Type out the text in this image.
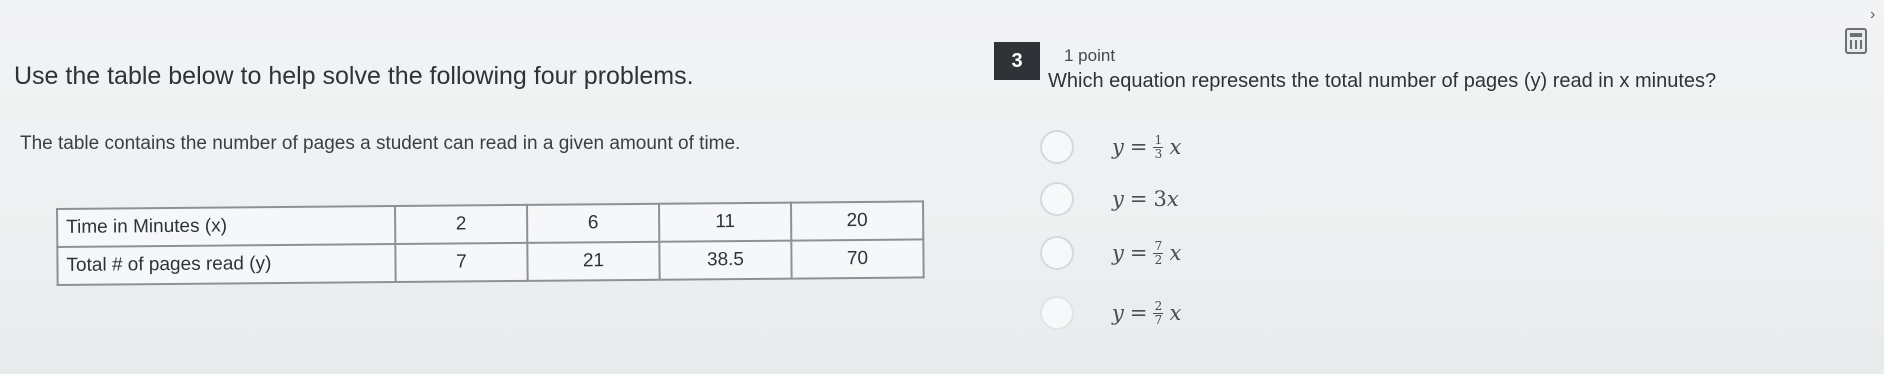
Use the table below to help solve the following four problems.
The table contains the number of pages a student can read in a given amount of time.
Time in Minutes (x)	2	6	11	20
Total # of pages read (y)	7	21	38.5	70
3	1 point
Which equation represents the total number of pages (y) read in x minutes?
$y = \frac{1}{3}$ x
y = 3 x
$y = \frac{7}{2}$ x
$y = \frac{2}{7}$ x
›
